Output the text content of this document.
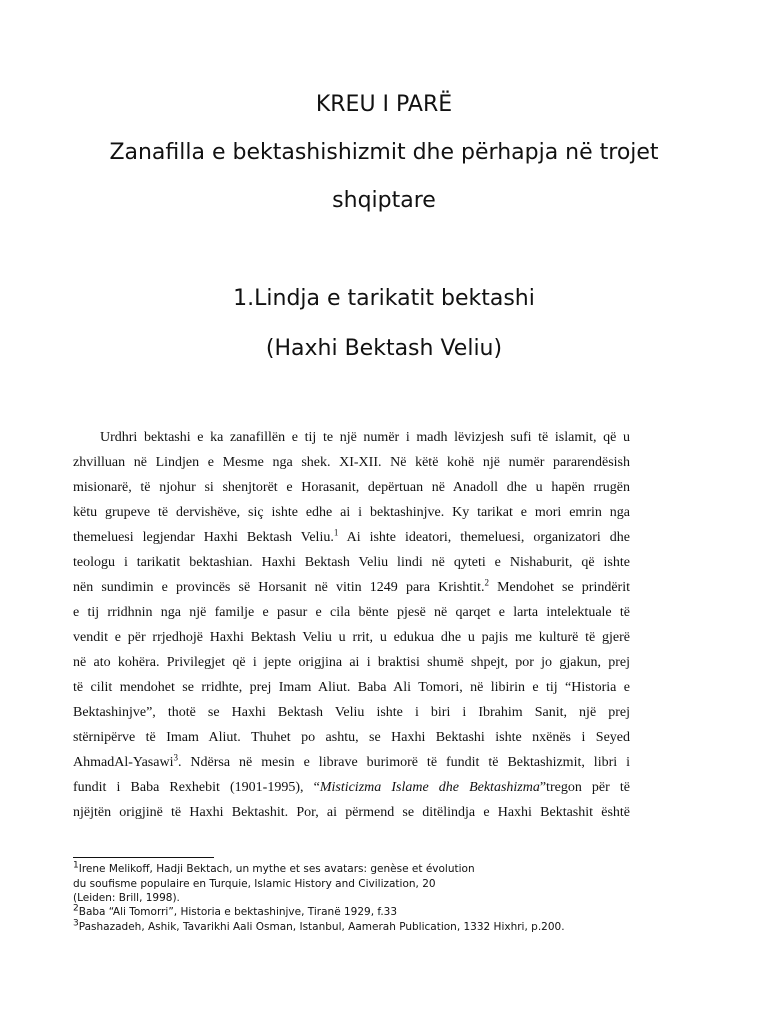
KREU I PARË
Zanafilla e bektashishizmit dhe përhapja në trojet
shqiptare
1.Lindja e tarikatit bektashi
(Haxhi Bektash Veliu)
Urdhri bektashi e ka zanafillën e tij te një numër i madh lëvizjesh sufi të islamit, që u
zhvilluan në Lindjen e Mesme nga shek. XI-XII. Në këtë kohë një numër pararendësish
misionarë, të njohur si shenjtorët e Horasanit, depërtuan në Anadoll dhe u hapën rrugën
këtu grupeve të dervishëve, siç ishte edhe ai i bektashinjve. Ky tarikat e mori emrin nga
themeluesi legjendar Haxhi Bektash Veliu.$^1$ Ai ishte ideatori, themeluesi, organizatori dhe
teologu i tarikatit bektashian. Haxhi Bektash Veliu lindi në qyteti e Nishaburit, që ishte
nën sundimin e provincës së Horsanit në vitin 1249 para Krishtit.$^2$ Mendohet se prindërit
e tij rridhnin nga një familje e pasur e cila bënte pjesë në qarqet e larta intelektuale të
vendit e për rrjedhojë Haxhi Bektash Veliu u rrit, u edukua dhe u pajis me kulturë të gjerë
në ato kohëra. Privilegjet që i jepte origjina ai i braktisi shumë shpejt, por jo gjakun, prej
të cilit mendohet se rridhte, prej Imam Aliut. Baba Ali Tomori, në libirin e tij “Historia e
Bektashinjve”, thotë se Haxhi Bektash Veliu ishte i biri i Ibrahim Sanit, një prej
stërnipërve të Imam Aliut. Thuhet po ashtu, se Haxhi Bektashi ishte nxënës i Seyed
AhmadAl-Yasawi$^3$. Ndërsa në mesin e librave burimorë të fundit të Bektashizmit, libri i
fundit i Baba Rexhebit (1901-1995), “Misticizma Islame dhe Bektashizma”tregon për të
njëjtën origjinë të Haxhi Bektashit. Por, ai përmend se ditëlindja e Haxhi Bektashit është
$^1$Irene Melikoff, Hadji Bektach, un mythe et ses avatars: genèse et évolution
du soufisme populaire en Turquie, Islamic History and Civilization, 20
(Leiden: Brill, 1998).
$^2$Baba “Ali Tomorri”, Historia e bektashinjve, Tiranë 1929, f.33
$^3$Pashazadeh, Ashik, Tavarikhi Aali Osman, Istanbul, Aamerah Publication, 1332 Hixhri, p.200.
